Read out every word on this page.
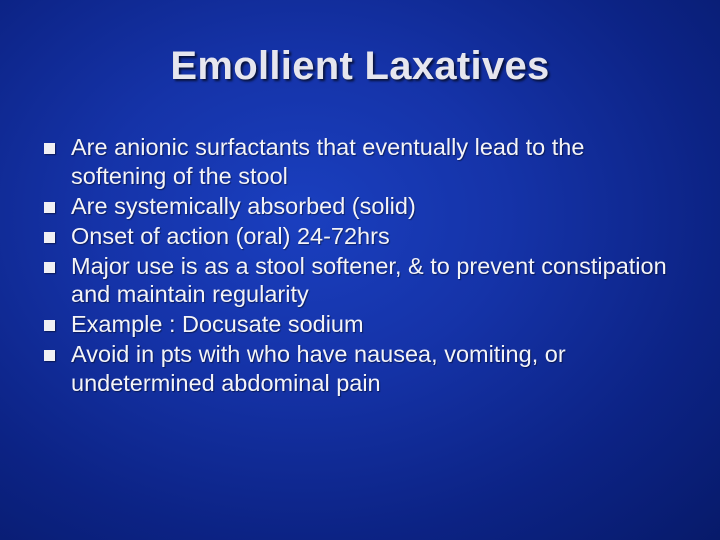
Emollient Laxatives
Are anionic surfactants that eventually lead to the softening of the stool
Are systemically absorbed (solid)
Onset of action (oral) 24-72hrs
Major use is as a stool softener, & to prevent constipation and maintain regularity
Example : Docusate sodium
Avoid in pts with who have nausea, vomiting, or undetermined abdominal pain
